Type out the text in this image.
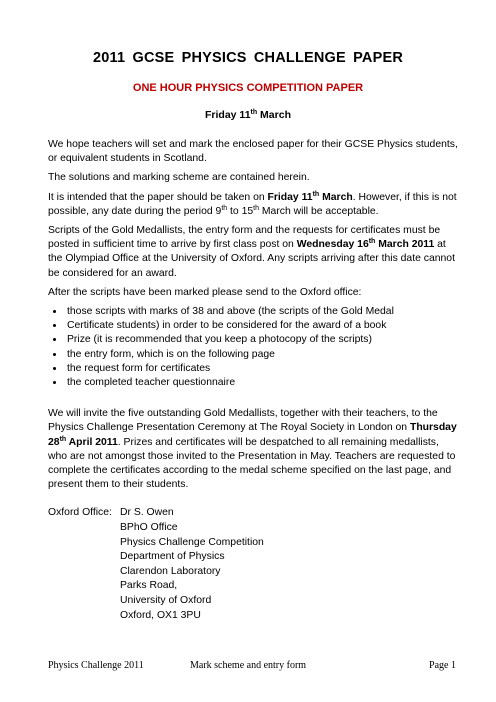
2011 GCSE PHYSICS CHALLENGE PAPER
ONE HOUR PHYSICS COMPETITION PAPER
Friday 11th March

We hope teachers will set and mark the enclosed paper for their GCSE Physics students, or equivalent students in Scotland.

The solutions and marking scheme are contained herein.

It is intended that the paper should be taken on Friday 11th March. However, if this is not possible, any date during the period 9th to 15th March will be acceptable.

Scripts of the Gold Medallists, the entry form and the requests for certificates must be posted in sufficient time to arrive by first class post on Wednesday 16th March 2011 at the Olympiad Office at the University of Oxford. Any scripts arriving after this date cannot be considered for an award.

After the scripts have been marked please send to the Oxford office:

• those scripts with marks of 38 and above (the scripts of the Gold Medal
• Certificate students) in order to be considered for the award of a book
• Prize (it is recommended that you keep a photocopy of the scripts)
• the entry form, which is on the following page
• the request form for certificates
• the completed teacher questionnaire

We will invite the five outstanding Gold Medallists, together with their teachers, to the Physics Challenge Presentation Ceremony at The Royal Society in London on Thursday 28th April 2011. Prizes and certificates will be despatched to all remaining medallists, who are not amongst those invited to the Presentation in May. Teachers are requested to complete the certificates according to the medal scheme specified on the last page, and present them to their students.

Oxford Office: Dr S. Owen
BPhO Office
Physics Challenge Competition
Department of Physics
Clarendon Laboratory
Parks Road,
University of Oxford
Oxford, OX1 3PU
Physics Challenge 2011	Mark scheme and entry form	Page 1
